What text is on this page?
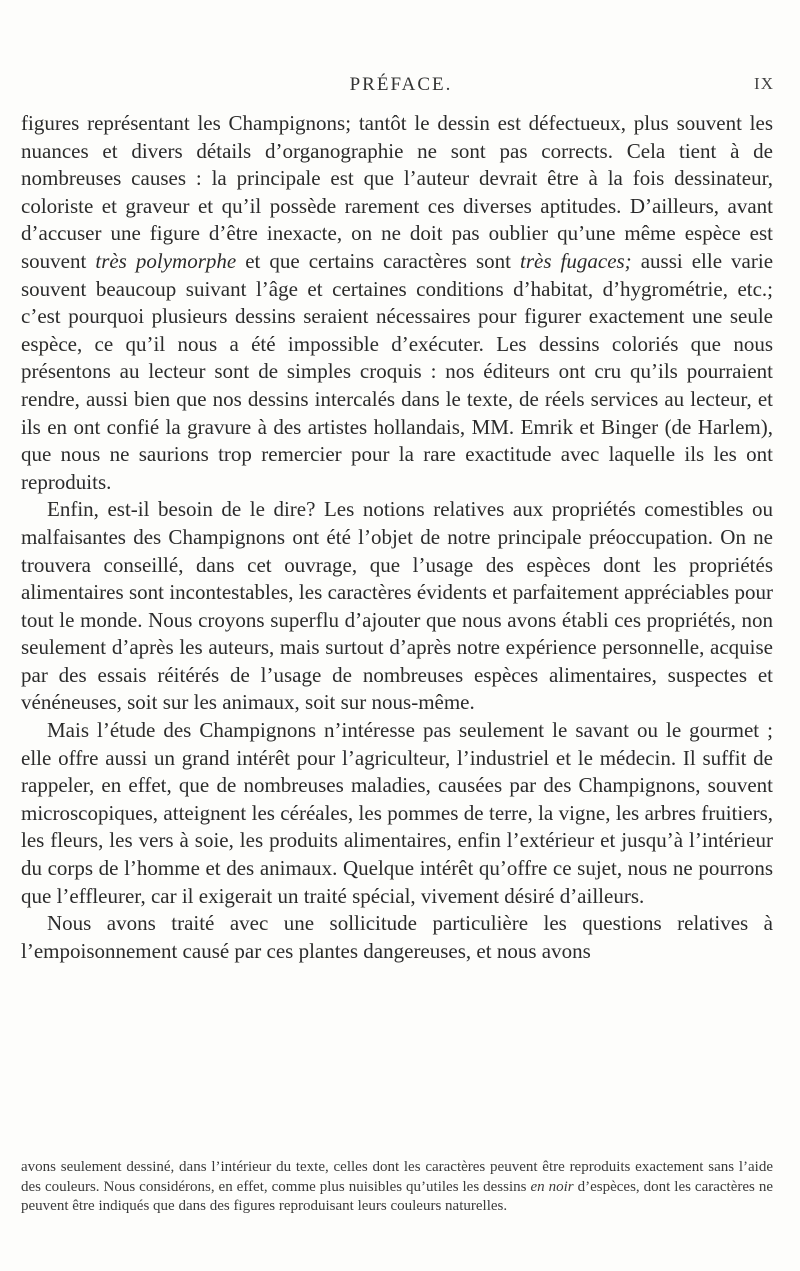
PRÉFACE.	IX

figures représentant les Champignons; tantôt le dessin est défectueux, plus souvent les nuances et divers détails d’organographie ne sont pas corrects. Cela tient à de nombreuses causes : la principale est que l’auteur devrait être à la fois dessinateur, coloriste et graveur et qu’il possède rarement ces diverses aptitudes. D’ailleurs, avant d’accuser une figure d’être inexacte, on ne doit pas oublier qu’une même espèce est souvent très polymorphe et que certains caractères sont très fugaces; aussi elle varie souvent beaucoup suivant l’âge et certaines conditions d’habitat, d’hygrométrie, etc.; c’est pourquoi plusieurs dessins seraient nécessaires pour figurer exactement une seule espèce, ce qu’il nous a été impossible d’exécuter. Les dessins coloriés que nous présentons au lecteur sont de simples croquis : nos éditeurs ont cru qu’ils pourraient rendre, aussi bien que nos dessins intercalés dans le texte, de réels services au lecteur, et ils en ont confié la gravure à des artistes hollandais, MM. Emrik et Binger (de Harlem), que nous ne saurions trop remercier pour la rare exactitude avec laquelle ils les ont reproduits.

Enfin, est-il besoin de le dire? Les notions relatives aux propriétés comestibles ou malfaisantes des Champignons ont été l’objet de notre principale préoccupation. On ne trouvera conseillé, dans cet ouvrage, que l’usage des espèces dont les propriétés alimentaires sont incontestables, les caractères évidents et parfaitement appréciables pour tout le monde. Nous croyons superflu d’ajouter que nous avons établi ces propriétés, non seulement d’après les auteurs, mais surtout d’après notre expérience personnelle, acquise par des essais réitérés de l’usage de nombreuses espèces alimentaires, suspectes et vénéneuses, soit sur les animaux, soit sur nous-même.

Mais l’étude des Champignons n’intéresse pas seulement le savant ou le gourmet ; elle offre aussi un grand intérêt pour l’agriculteur, l’industriel et le médecin. Il suffit de rappeler, en effet, que de nombreuses maladies, causées par des Champignons, souvent microscopiques, atteignent les céréales, les pommes de terre, la vigne, les arbres fruitiers, les fleurs, les vers à soie, les produits alimentaires, enfin l’extérieur et jusqu’à l’intérieur du corps de l’homme et des animaux. Quelque intérêt qu’offre ce sujet, nous ne pourrons que l’effleurer, car il exigerait un traité spécial, vivement désiré d’ailleurs.

Nous avons traité avec une sollicitude particulière les questions relatives à l’empoisonnement causé par ces plantes dangereuses, et nous avons

avons seulement dessiné, dans l’intérieur du texte, celles dont les caractères peuvent être reproduits exactement sans l’aide des couleurs. Nous considérons, en effet, comme plus nuisibles qu’utiles les dessins en noir d’espèces, dont les caractères ne peuvent être indiqués que dans des figures reproduisant leurs couleurs naturelles.
